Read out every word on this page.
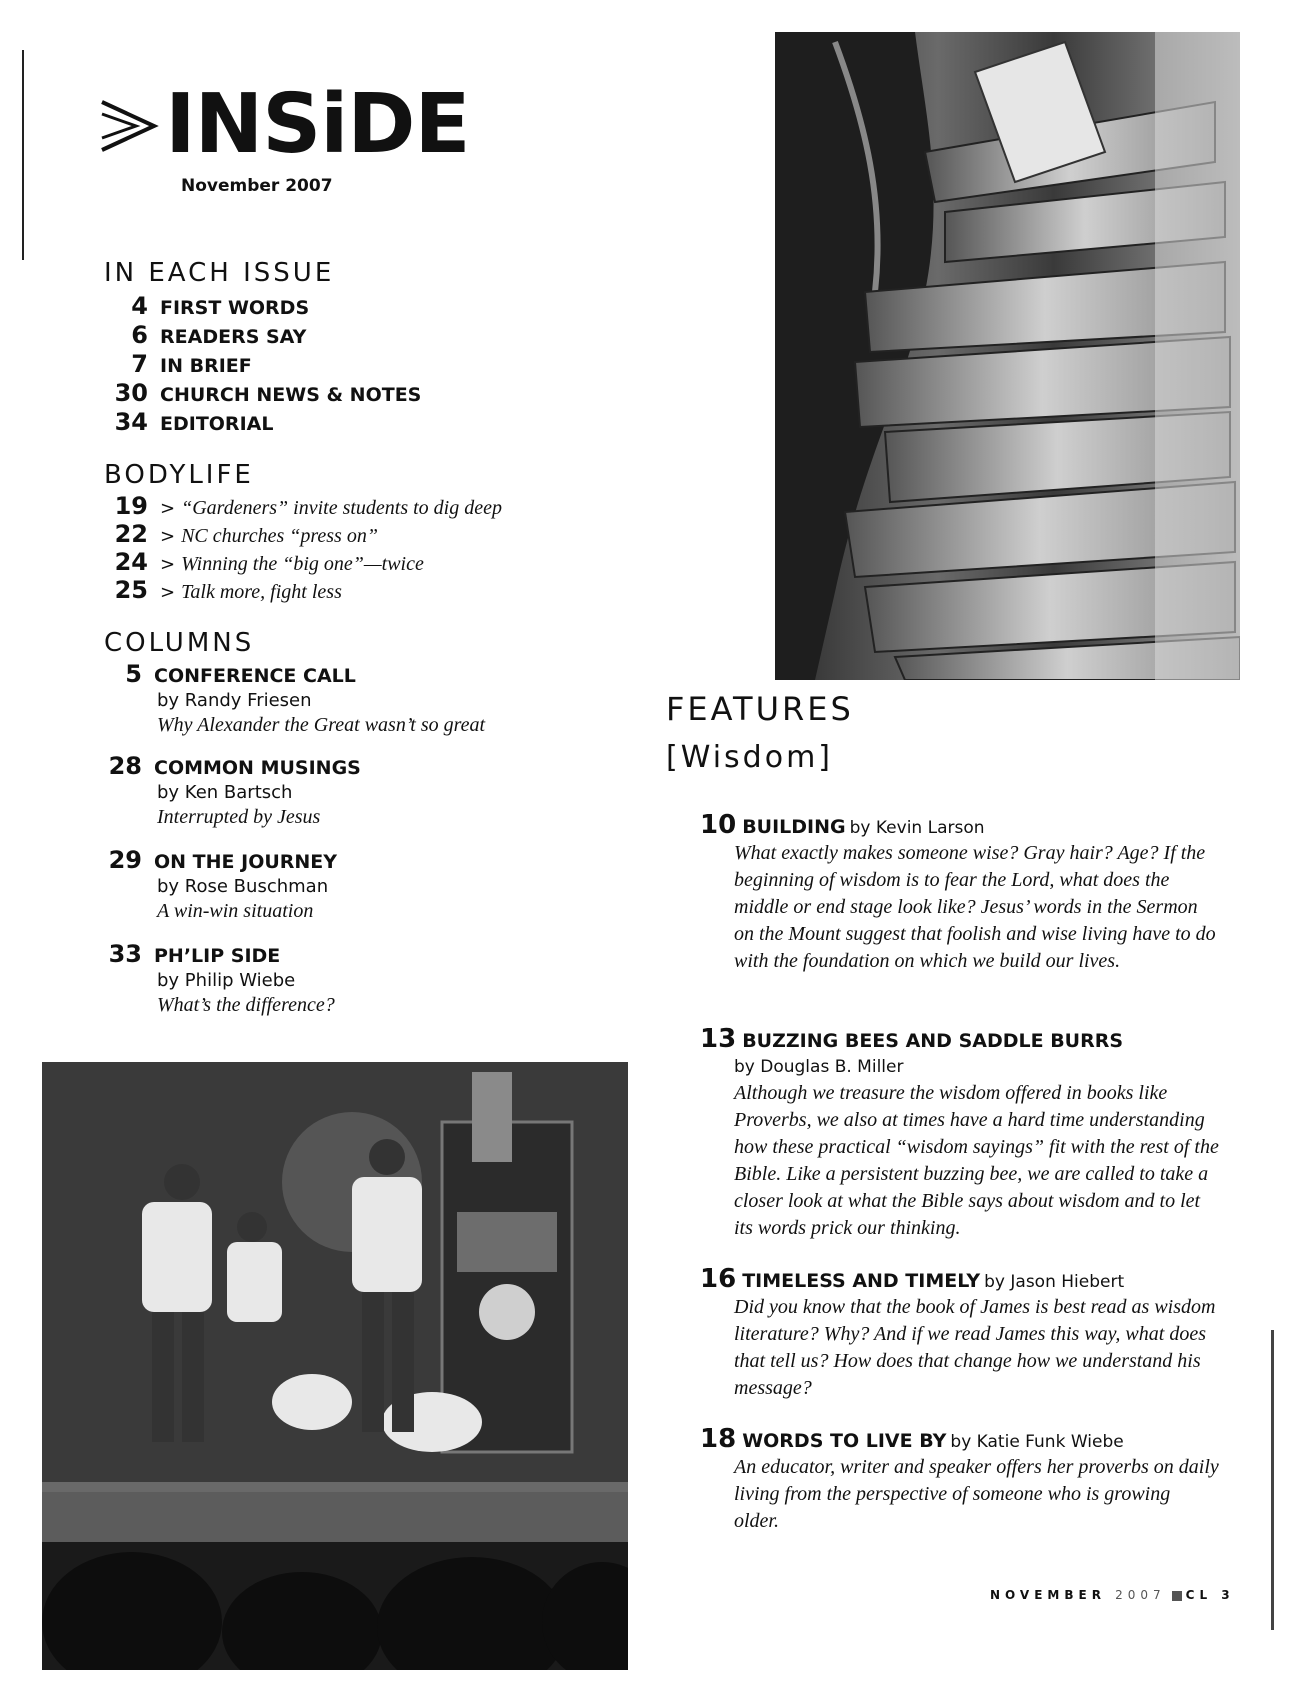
INSiDE
November 2007
IN EACH ISSUE
4 FIRST WORDS
6 READERS SAY
7 IN BRIEF
30 CHURCH NEWS & NOTES
34 EDITORIAL
BODYLIFE
19 > “Gardeners” invite students to dig deep
22 > NC churches “press on”
24 > Winning the “big one”—twice
25 > Talk more, fight less
COLUMNS
5 CONFERENCE CALL
by Randy Friesen
Why Alexander the Great wasn’t so great
28 COMMON MUSINGS
by Ken Bartsch
Interrupted by Jesus
29 ON THE JOURNEY
by Rose Buschman
A win-win situation
33 PH’LIP SIDE
by Philip Wiebe
What’s the difference?
FEATURES
[Wisdom]
10 BUILDING by Kevin Larson
What exactly makes someone wise? Gray hair? Age? If the beginning of wisdom is to fear the Lord, what does the middle or end stage look like? Jesus’ words in the Sermon on the Mount suggest that foolish and wise living have to do with the foundation on which we build our lives.
13 BUZZING BEES AND SADDLE BURRS
by Douglas B. Miller
Although we treasure the wisdom offered in books like Proverbs, we also at times have a hard time understanding how these practical “wisdom sayings” fit with the rest of the Bible. Like a persistent buzzing bee, we are called to take a closer look at what the Bible says about wisdom and to let its words prick our thinking.
16 TIMELESS AND TIMELY by Jason Hiebert
Did you know that the book of James is best read as wisdom literature? Why? And if we read James this way, what does that tell us? How does that change how we understand his message?
18 WORDS TO LIVE BY by Katie Funk Wiebe
An educator, writer and speaker offers her proverbs on daily living from the perspective of someone who is growing older.
NOVEMBER 2007 CL 3
